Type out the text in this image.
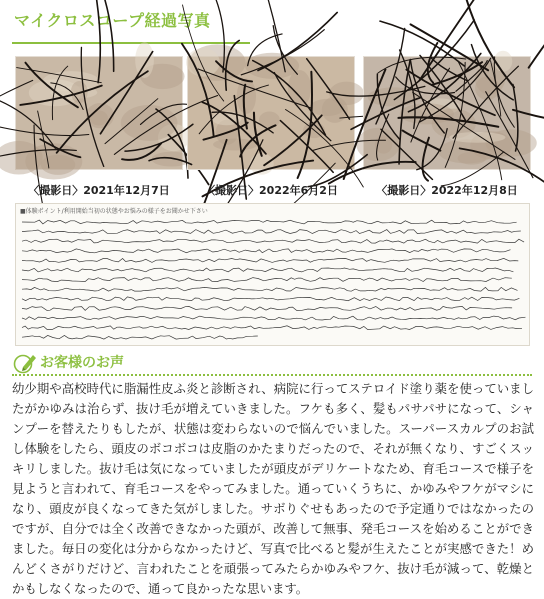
マイクロスコープ経過写真
〈撮影日〉2021年12月7日	〈撮影日〉2022年6月2日	〈撮影日〉2022年12月8日
■体験ポイント/利用開始当初の状態やお悩みの様子をお聞かせ下さい
お客様のお声
幼少期や高校時代に脂漏性皮ふ炎と診断され、病院に行ってステロイド塗り薬を使っていましたがかゆみは治らず、抜け毛が増えていきました。フケも多く、髪もパサパサになって、シャンプーを替えたりもしたが、状態は変わらないので悩んでいました。スーパースカルプのお試し体験をしたら、頭皮のボコボコは皮脂のかたまりだったので、それが無くなり、すごくスッキリしました。抜け毛は気になっていましたが頭皮がデリケートなため、育毛コースで様子を見ようと言われて、育毛コースをやってみました。通っていくうちに、かゆみやフケがマシになり、頭皮が良くなってきた気がしました。サボりぐせもあったので予定通りではなかったのですが、自分では全く改善できなかった頭が、改善して無事、発毛コースを始めることができました。毎日の変化は分からなかったけど、写真で比べると髪が生えたことが実感できた！めんどくさがりだけど、言われたことを頑張ってみたらかゆみやフケ、抜け毛が減って、乾燥とかもしなくなったので、通って良かったな思います。
